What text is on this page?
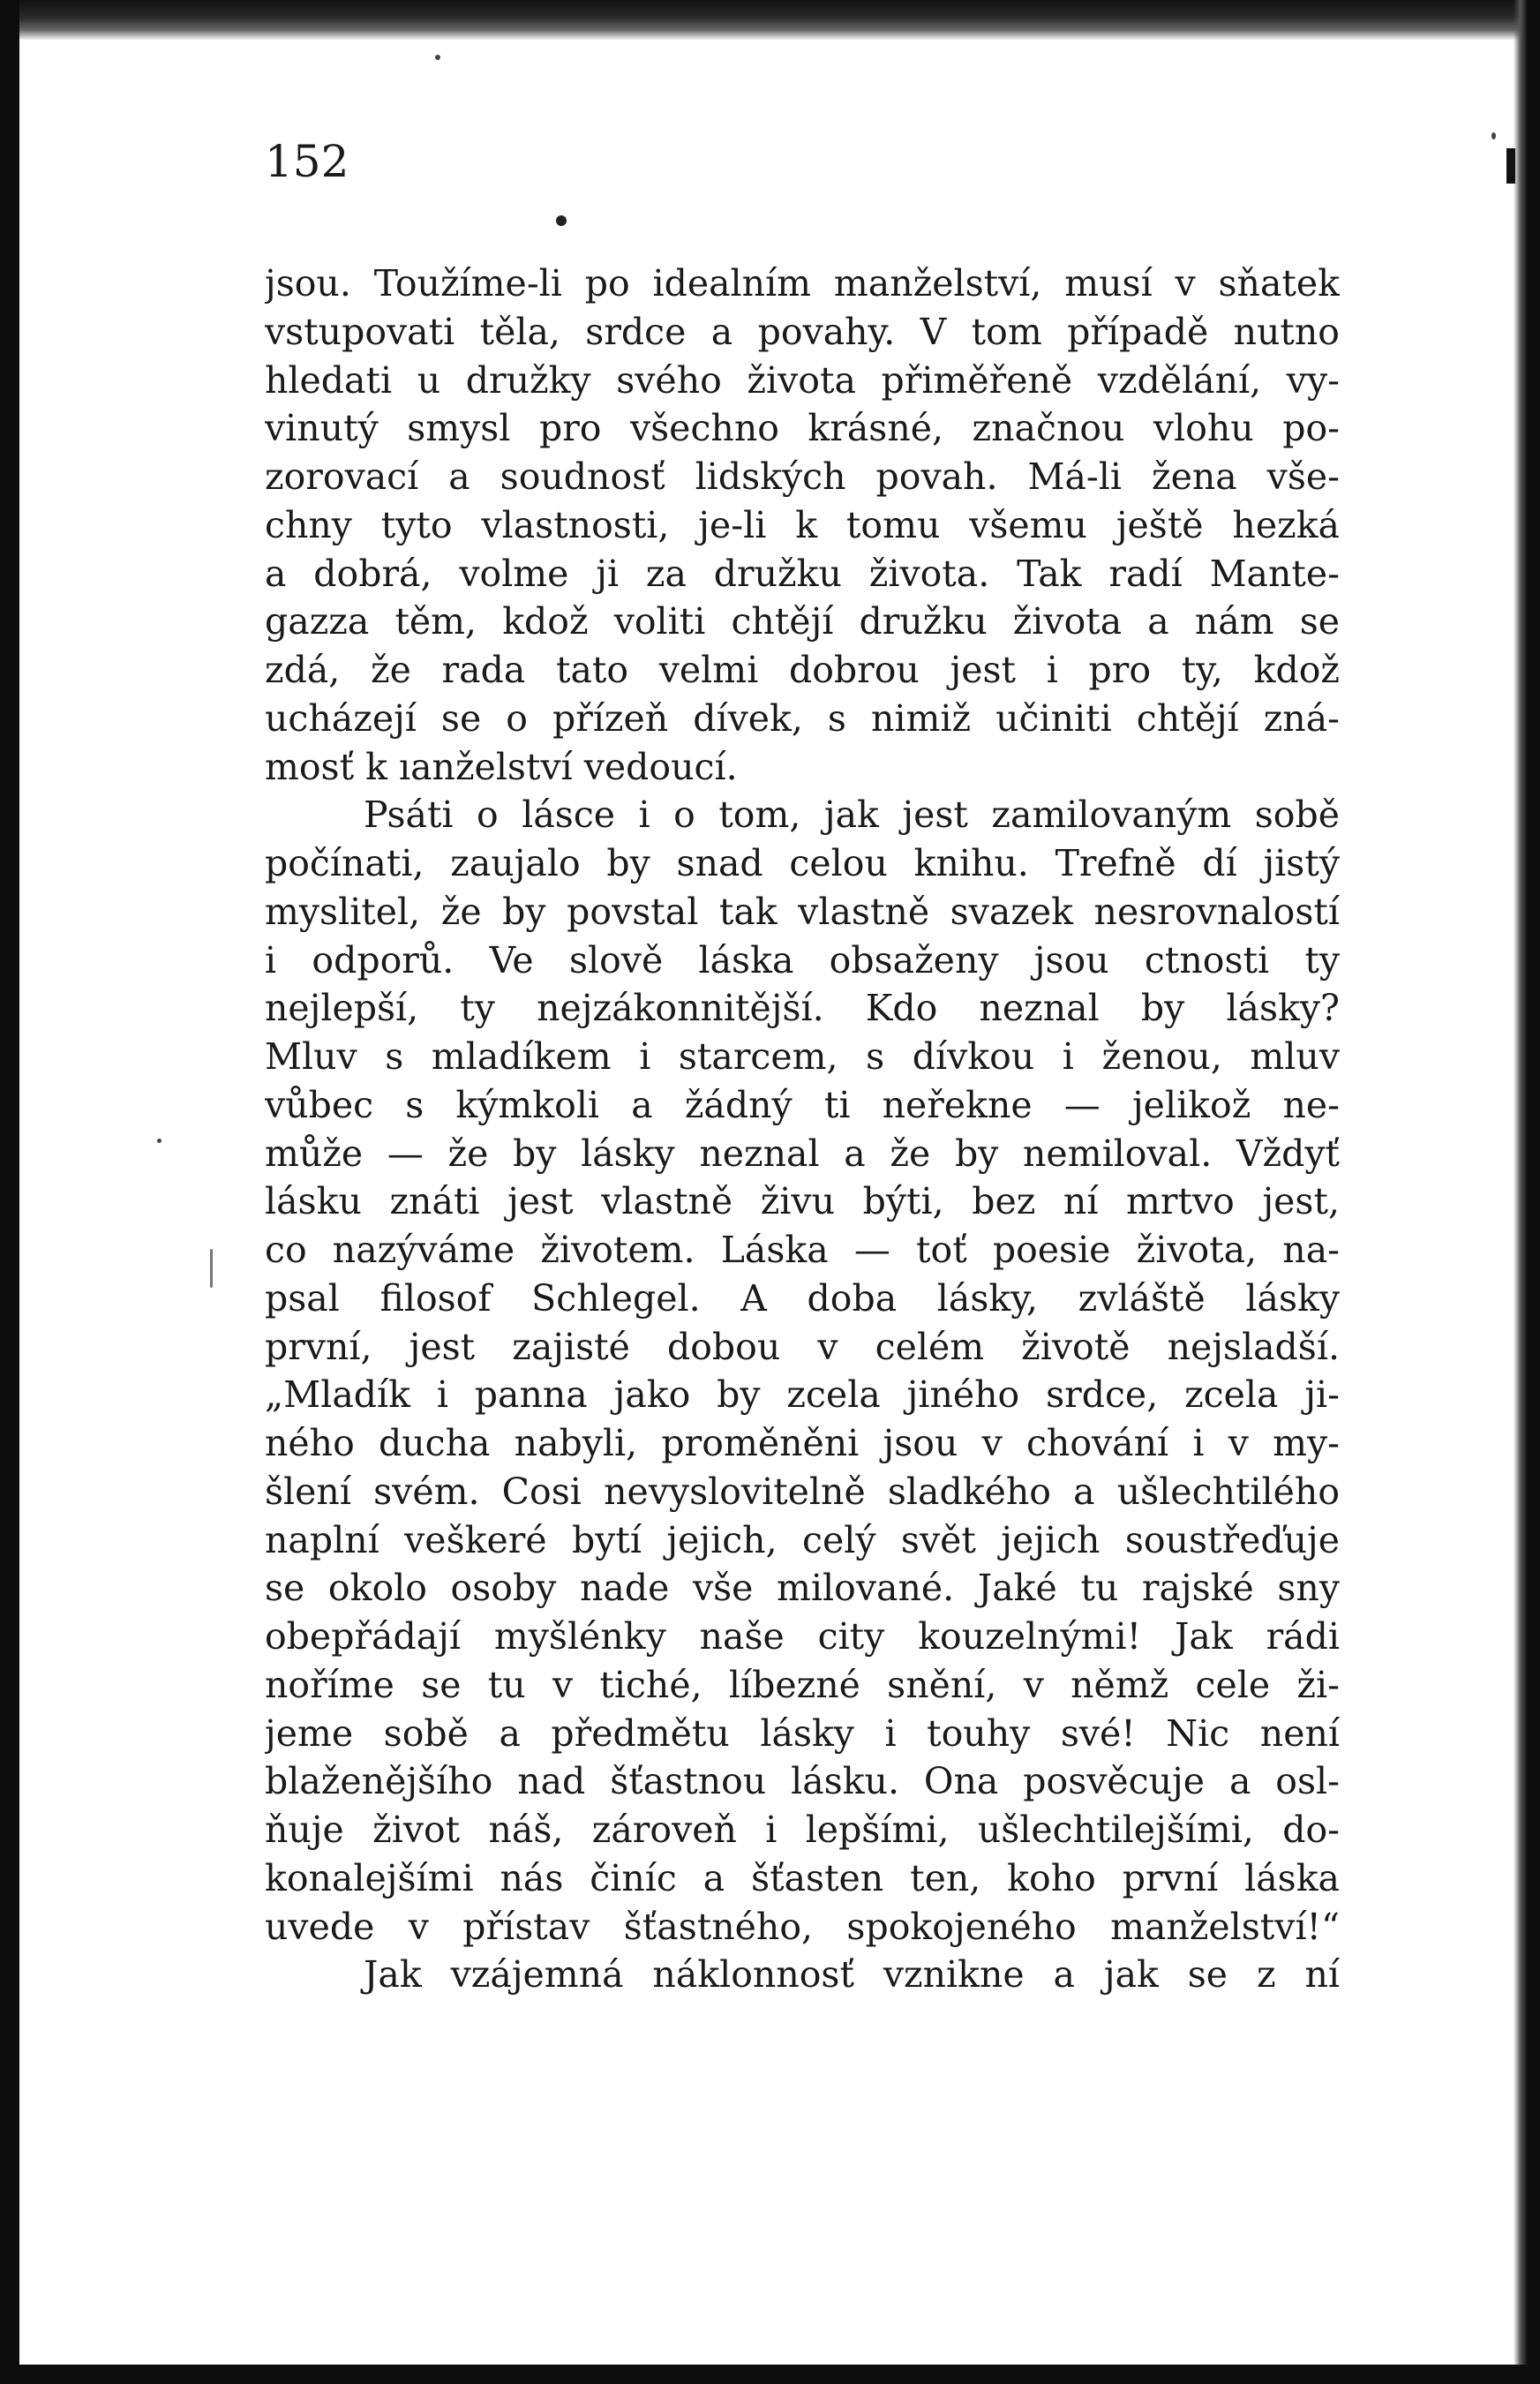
152
jsou. Toužíme-li po idealním manželství, musí v sňatek
vstupovati těla, srdce a povahy. V tom případě nutno
hledati u družky svého života přiměřeně vzdělání, vy-
vinutý smysl pro všechno krásné, značnou vlohu po-
zorovací a soudnosť lidských povah. Má-li žena vše-
chny tyto vlastnosti, je-li k tomu všemu ještě hezká
a dobrá, volme ji za družku života. Tak radí Mante-
gazza těm, kdož voliti chtějí družku života a nám se
zdá, že rada tato velmi dobrou jest i pro ty, kdož
ucházejí se o přízeň dívek, s nimiž učiniti chtějí zná-
mosť k ıanželství vedoucí.
Psáti o lásce i o tom, jak jest zamilovaným sobě
počínati, zaujalo by snad celou knihu. Trefně dí jistý
myslitel, že by povstal tak vlastně svazek nesrovnalostí
i odporů. Ve slově láska obsaženy jsou ctnosti ty
nejlepší, ty nejzákonnitější. Kdo neznal by lásky?
Mluv s mladíkem i starcem, s dívkou i ženou, mluv
vůbec s kýmkoli a žádný ti neřekne — jelikož ne-
může — že by lásky neznal a že by nemiloval. Vždyť
lásku znáti jest vlastně živu býti, bez ní mrtvo jest,
co nazýváme životem. Láska — toť poesie života, na-
psal filosof Schlegel. A doba lásky, zvláště lásky
první, jest zajisté dobou v celém životě nejsladší.
„Mladík i panna jako by zcela jiného srdce, zcela ji-
ného ducha nabyli, proměněni jsou v chování i v my-
šlení svém. Cosi nevyslovitelně sladkého a ušlechtilého
naplní veškeré bytí jejich, celý svět jejich soustřeďuje
se okolo osoby nade vše milované. Jaké tu rajské sny
obepřádají myšlénky naše city kouzelnými! Jak rádi
noříme se tu v tiché, líbezné snění, v němž cele ži-
jeme sobě a předmětu lásky i touhy své! Nic není
blaženějšího nad šťastnou lásku. Ona posvěcuje a osl-
ňuje život náš, zároveň i lepšími, ušlechtilejšími, do-
konalejšími nás činíc a šťasten ten, koho první láska
uvede v přístav šťastného, spokojeného manželství!“
Jak vzájemná náklonnosť vznikne a jak se z ní
